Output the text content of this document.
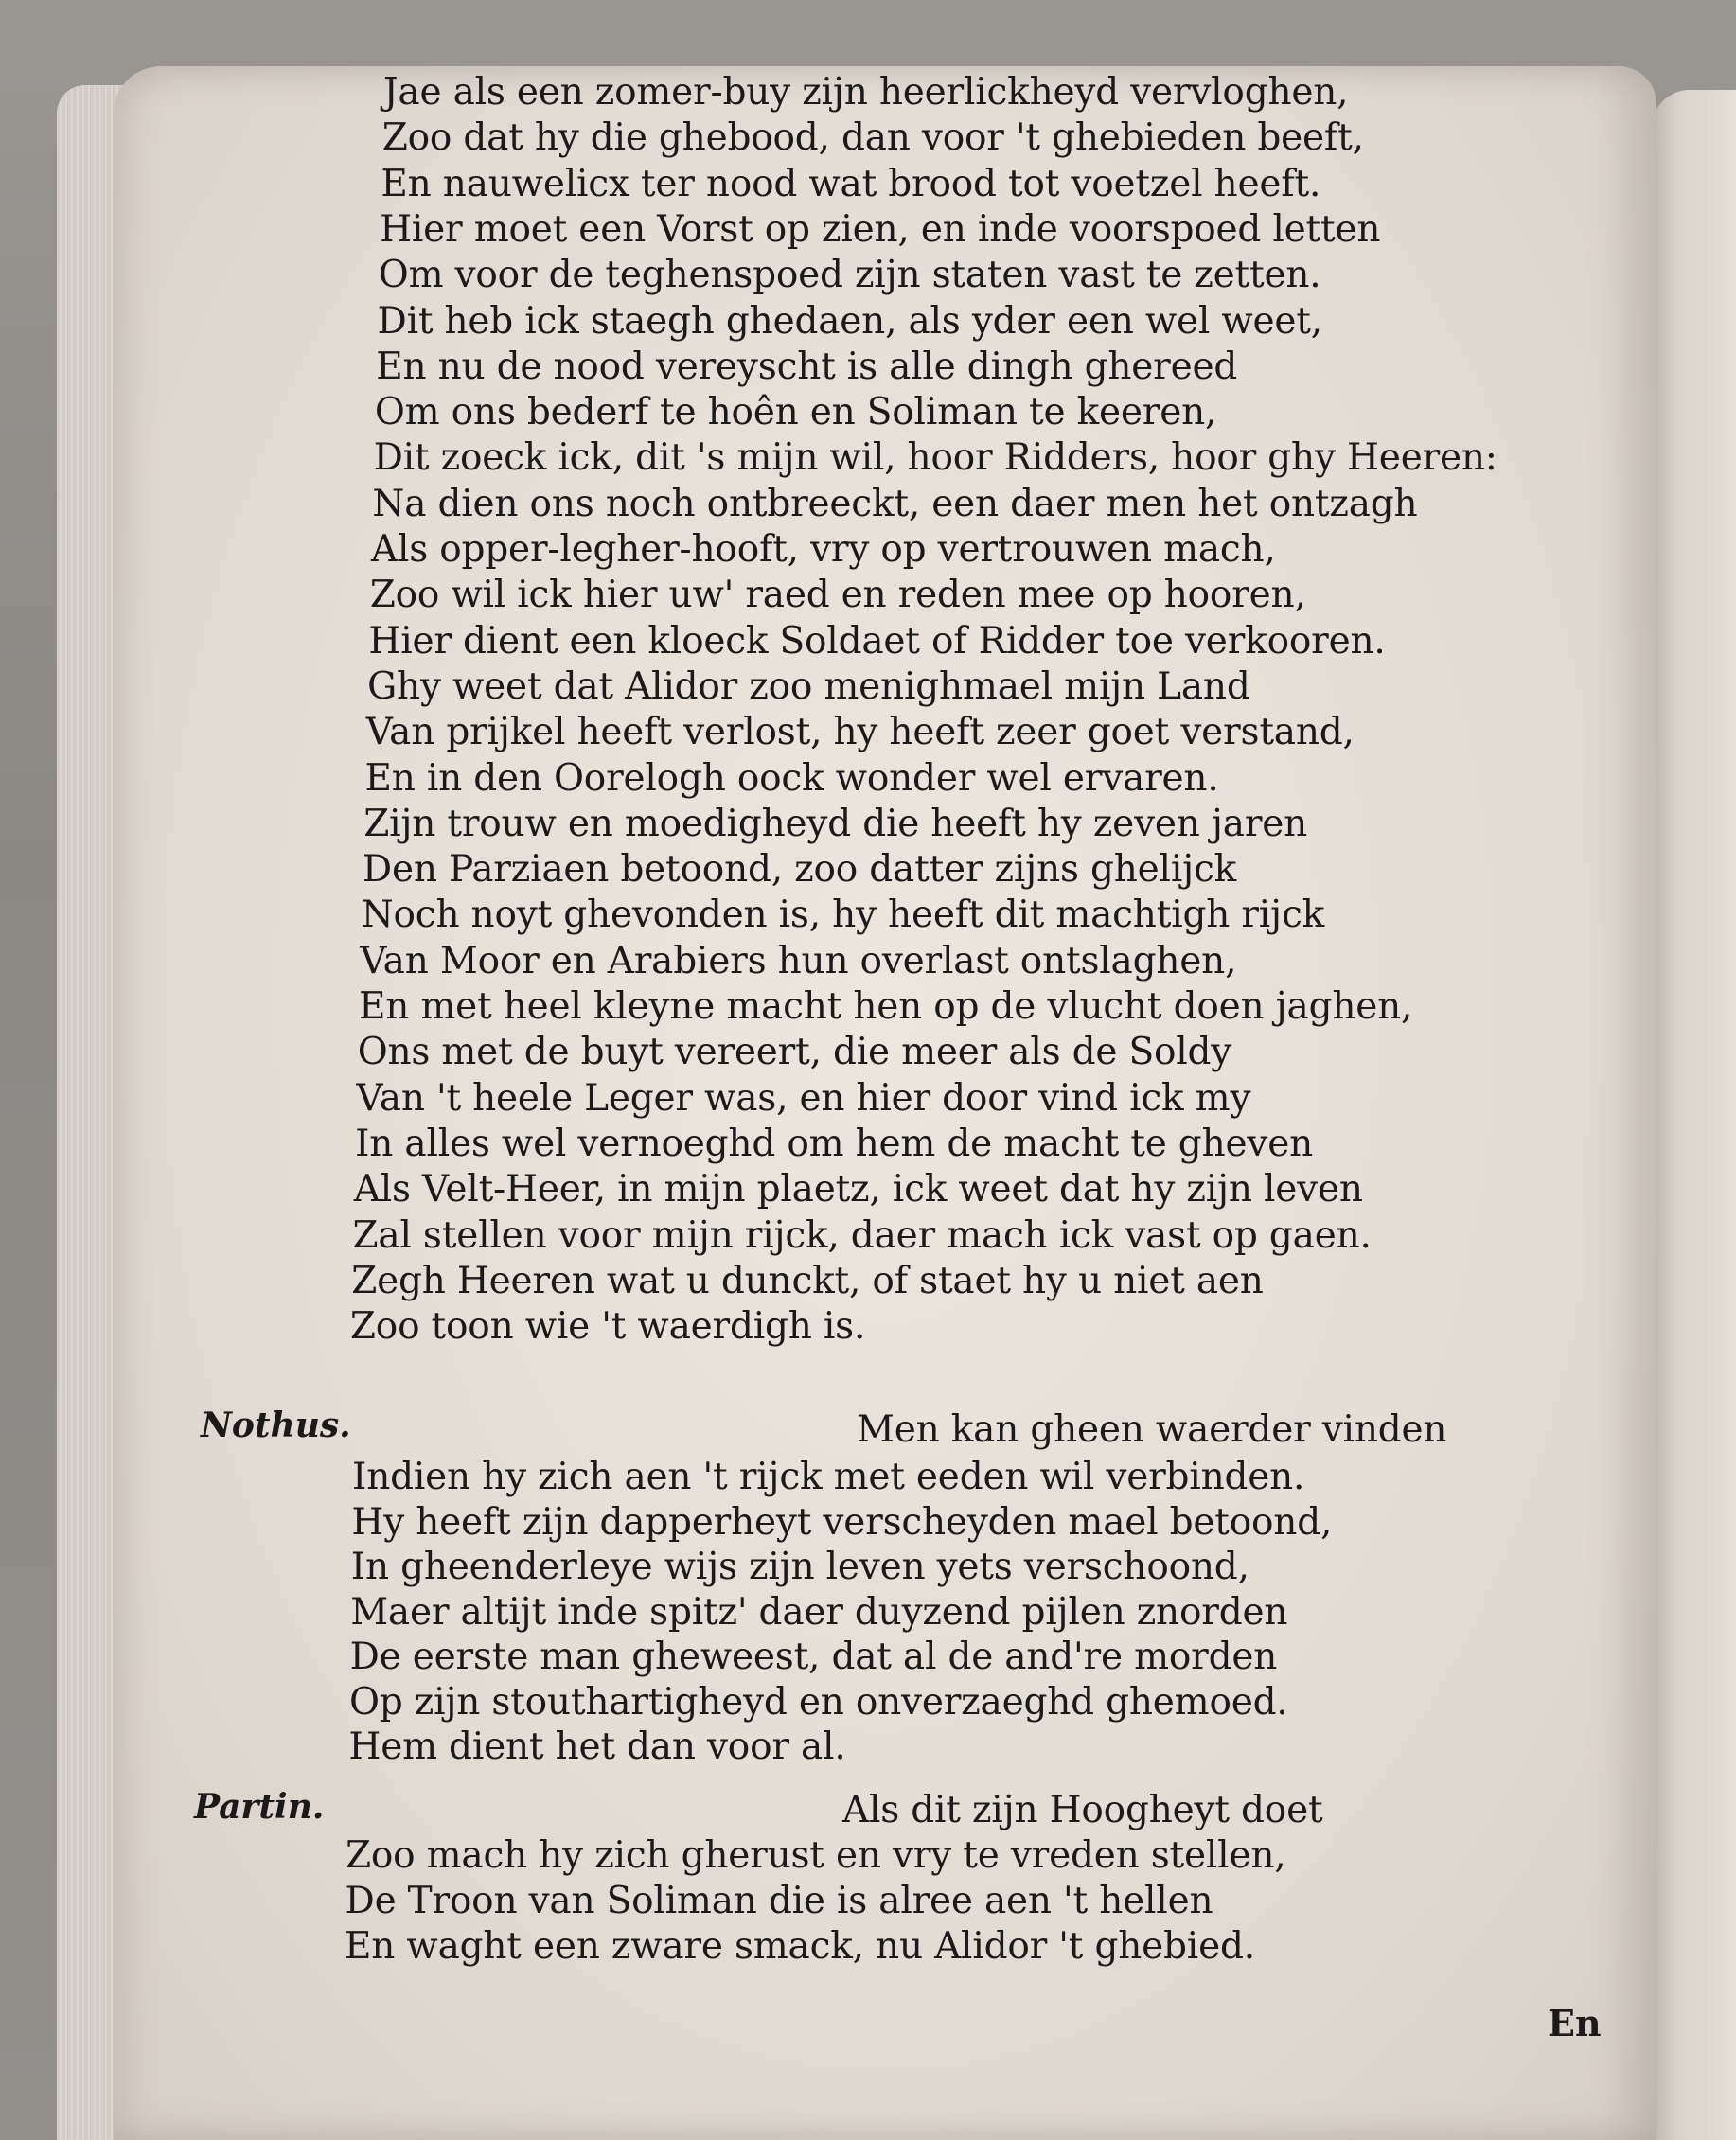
Jae als een zomer-buy zijn heerlickheyd vervloghen,
Zoo dat hy die ghebood, dan voor 't ghebieden beeft,
En nauwelicx ter nood wat brood tot voetzel heeft.
Hier moet een Vorst op zien, en inde voorspoed letten
Om voor de teghenspoed zijn staten vast te zetten.
Dit heb ick staegh ghedaen, als yder een wel weet,
En nu de nood vereyscht is alle dingh ghereed
Om ons bederf te hoên en Soliman te keeren,
Dit zoeck ick, dit 's mijn wil, hoor Ridders, hoor ghy Heeren:
Na dien ons noch ontbreeckt, een daer men het ontzagh
Als opper-legher-hooft, vry op vertrouwen mach,
Zoo wil ick hier uw' raed en reden mee op hooren,
Hier dient een kloeck Soldaet of Ridder toe verkooren.
Ghy weet dat Alidor zoo menighmael mijn Land
Van prijkel heeft verlost, hy heeft zeer goet verstand,
En in den Oorelogh oock wonder wel ervaren.
Zijn trouw en moedigheyd die heeft hy zeven jaren
Den Parziaen betoond, zoo datter zijns ghelijck
Noch noyt ghevonden is, hy heeft dit machtigh rijck
Van Moor en Arabiers hun overlast ontslaghen,
En met heel kleyne macht hen op de vlucht doen jaghen,
Ons met de buyt vereert, die meer als de Soldy
Van 't heele Leger was, en hier door vind ick my
In alles wel vernoeghd om hem de macht te gheven
Als Velt-Heer, in mijn plaetz, ick weet dat hy zijn leven
Zal stellen voor mijn rijck, daer mach ick vast op gaen.
Zegh Heeren wat u dunckt, of staet hy u niet aen
Zoo toon wie 't waerdigh is.
Nothus.	Men kan gheen waerder vinden
Indien hy zich aen 't rijck met eeden wil verbinden.
Hy heeft zijn dapperheyt verscheyden mael betoond,
In gheenderleye wijs zijn leven yets verschoond,
Maer altijt inde spitz' daer duyzend pijlen znorden
De eerste man gheweest, dat al de and're morden
Op zijn stouthartigheyd en onverzaeghd ghemoed.
Hem dient het dan voor al.
Partin.	Als dit zijn Hoogheyt doet
Zoo mach hy zich gherust en vry te vreden stellen,
De Troon van Soliman die is alree aen 't hellen
En waght een zware smack, nu Alidor 't ghebied.
En
